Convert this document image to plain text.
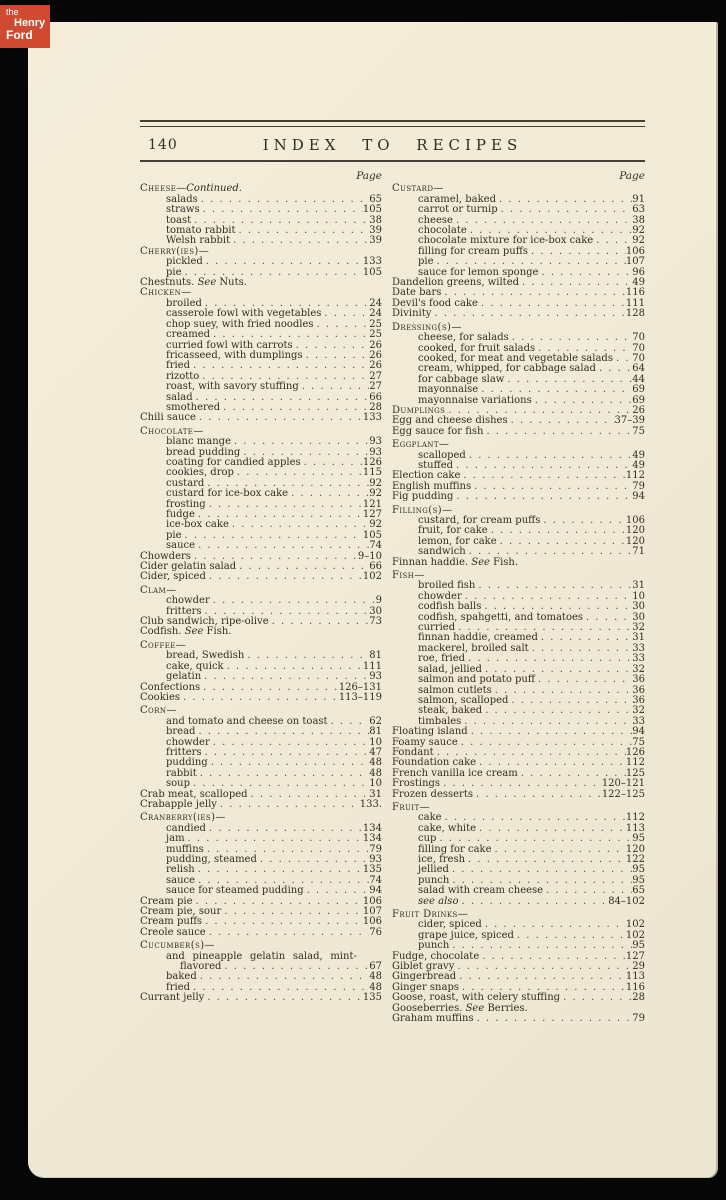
140	INDEX TO RECIPES
Page
Cheese—Continued.
salads . . .	65
straws . . .	105
toast . . .	38
tomato rabbit . . .	39
Welsh rabbit . . .	39
Cherry(ies)—
pickled . . .	133
pie . . .	105
Chestnuts. See Nuts.
Chicken—
broiled . . .	24
casserole fowl with vegetables . . .	24
chop suey, with fried noodles . . .	25
creamed . . .	25
curried fowl with carrots . . .	26
fricasseed, with dumplings . . .	26
fried . . .	26
rizotto . . .	27
roast, with savory stuffing . . .	27
salad . . .	66
smothered . . .	28
Chili sauce . . .	133
Chocolate—
blanc mange . . .	93
bread pudding . . .	93
coating for candied apples . . .	126
cookies, drop . . .	115
custard . . .	92
custard for ice-box cake . . .	92
frosting . . .	121
fudge . . .	127
ice-box cake . . .	92
pie . . .	105
sauce . . .	74
Chowders . . .	9–10
Cider gelatin salad . . .	66
Cider, spiced . . .	102
Clam—
chowder . . .	9
fritters . . .	30
Club sandwich, ripe-olive . . .	73
Codfish. See Fish.
Coffee—
bread, Swedish . . .	81
cake, quick . . .	111
gelatin . . .	93
Confections . . .	126–131
Cookies . . .	113–119
Corn—
and tomato and cheese on toast . . .	62
bread . . .	81
chowder . . .	10
fritters . . .	47
pudding . . .	48
rabbit . . .	48
soup . . .	10
Crab meat, scalloped . . .	31
Crabapple jelly . . .	133.
Cranberry(ies)—
candied . . .	134
jam . . .	134
muffins . . .	79
pudding, steamed . . .	93
relish . . .	135
sauce . . .	74
sauce for steamed pudding . . .	94
Cream pie . . .	106
Cream pie, sour . . .	107
Cream puffs . . .	106
Creole sauce . . .	76
Cucumber(s)—
and pineapple gelatin salad, mint-
flavored . . .	67
baked . . .	48
fried . . .	48
Currant jelly . . .	135
Page
Custard—
caramel, baked . . .	91
carrot or turnip . . .	63
cheese . . .	38
chocolate . . .	92
chocolate mixture for ice-box cake . . .	92
filling for cream puffs . . .	106
pie . . .	107
sauce for lemon sponge . . .	96
Dandelion greens, wilted . . .	49
Date bars . . .	116
Devil's food cake . . .	111
Divinity . . .	128
Dressing(s)—
cheese, for salads . . .	70
cooked, for fruit salads . . .	70
cooked, for meat and vegetable salads . . . 70
cream, whipped, for cabbage salad . . .	64
for cabbage slaw . . .	44
mayonnaise . . .	69
mayonnaise variations . . .	69
Dumplings . . .	26
Egg and cheese dishes . . .	37–39
Egg sauce for fish . . .	75
Eggplant—
scalloped . . .	49
stuffed . . .	49
Election cake . . .	112
English muffins . . .	79
Fig pudding . . .	94
Filling(s)—
custard, for cream puffs . . .	106
fruit, for cake . . .	120
lemon, for cake . . .	120
sandwich . . .	71
Finnan haddie. See Fish.
Fish—
broiled fish . . .	31
chowder . . .	10
codfish balls . . .	30
codfish, spahgetti, and tomatoes . . .	30
curried . . .	32
finnan haddie, creamed . . .	31
mackerel, broiled salt . . .	33
roe, fried . . .	33
salad, jellied . . .	32
salmon and potato puff . . .	36
salmon cutlets . . .	36
salmon, scalloped . . .	36
steak, baked . . .	32
timbales . . .	33
Floating island . . .	94
Foamy sauce . . .	75
Fondant . . .	126
Foundation cake . . .	112
French vanilla ice cream . . .	125
Frostings . . .	120–121
Frozen desserts . . .	122–125
Fruit—
cake . . .	112
cake, white . . .	113
cup . . .	95
filling for cake . . .	120
ice, fresh . . .	122
jellied . . .	95
punch . . .	95
salad with cream cheese . . .	65
see also . . .	84–102
Fruit Drinks—
cider, spiced . . .	102
grape juice, spiced . . .	102
punch . . .	95
Fudge, chocolate . . .	127
Giblet gravy . . .	29
Gingerbread . . .	113
Ginger snaps . . .	116
Goose, roast, with celery stuffing . . .	28
Gooseberries. See Berries.
Graham muffins . . .	79
the
Henry
Ford
